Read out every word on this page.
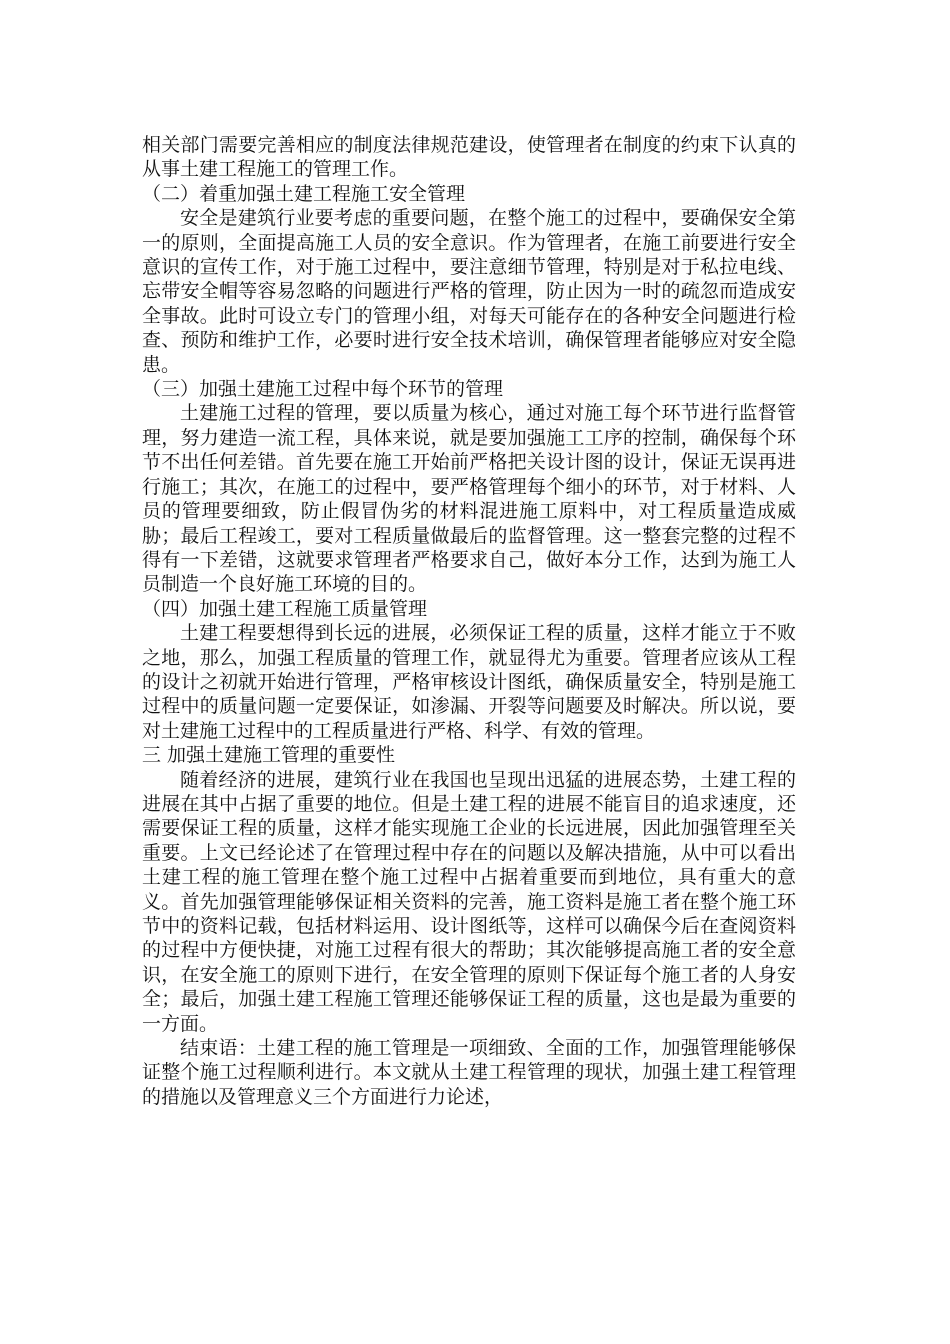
相关部门需要完善相应的制度法律规范建设，使管理者在制度的约束下认真的从事土建工程施工的管理工作。

（二）着重加强土建工程施工安全管理

安全是建筑行业要考虑的重要问题，在整个施工的过程中，要确保安全第一的原则，全面提高施工人员的安全意识。作为管理者，在施工前要进行安全意识的宣传工作，对于施工过程中，要注意细节管理，特别是对于私拉电线、忘带安全帽等容易忽略的问题进行严格的管理，防止因为一时的疏忽而造成安全事故。此时可设立专门的管理小组，对每天可能存在的各种安全问题进行检查、预防和维护工作，必要时进行安全技术培训，确保管理者能够应对安全隐患。

（三）加强土建施工过程中每个环节的管理

土建施工过程的管理，要以质量为核心，通过对施工每个环节进行监督管理，努力建造一流工程，具体来说，就是要加强施工工序的控制，确保每个环节不出任何差错。首先要在施工开始前严格把关设计图的设计，保证无误再进行施工；其次，在施工的过程中，要严格管理每个细小的环节，对于材料、人员的管理要细致，防止假冒伪劣的材料混进施工原料中，对工程质量造成威胁；最后工程竣工，要对工程质量做最后的监督管理。这一整套完整的过程不得有一下差错，这就要求管理者严格要求自己，做好本分工作，达到为施工人员制造一个良好施工环境的目的。

（四）加强土建工程施工质量管理

土建工程要想得到长远的进展，必须保证工程的质量，这样才能立于不败之地，那么，加强工程质量的管理工作，就显得尤为重要。管理者应该从工程的设计之初就开始进行管理，严格审核设计图纸，确保质量安全，特别是施工过程中的质量问题一定要保证，如渗漏、开裂等问题要及时解决。所以说，要对土建施工过程中的工程质量进行严格、科学、有效的管理。

三 加强土建施工管理的重要性

随着经济的进展，建筑行业在我国也呈现出迅猛的进展态势，土建工程的进展在其中占据了重要的地位。但是土建工程的进展不能盲目的追求速度，还需要保证工程的质量，这样才能实现施工企业的长远进展，因此加强管理至关重要。上文已经论述了在管理过程中存在的问题以及解决措施，从中可以看出土建工程的施工管理在整个施工过程中占据着重要而到地位，具有重大的意义。首先加强管理能够保证相关资料的完善，施工资料是施工者在整个施工环节中的资料记载，包括材料运用、设计图纸等，这样可以确保今后在查阅资料的过程中方便快捷，对施工过程有很大的帮助；其次能够提高施工者的安全意识，在安全施工的原则下进行，在安全管理的原则下保证每个施工者的人身安全；最后，加强土建工程施工管理还能够保证工程的质量，这也是最为重要的一方面。

结束语：土建工程的施工管理是一项细致、全面的工作，加强管理能够保证整个施工过程顺利进行。本文就从土建工程管理的现状，加强土建工程管理的措施以及管理意义三个方面进行力论述，
